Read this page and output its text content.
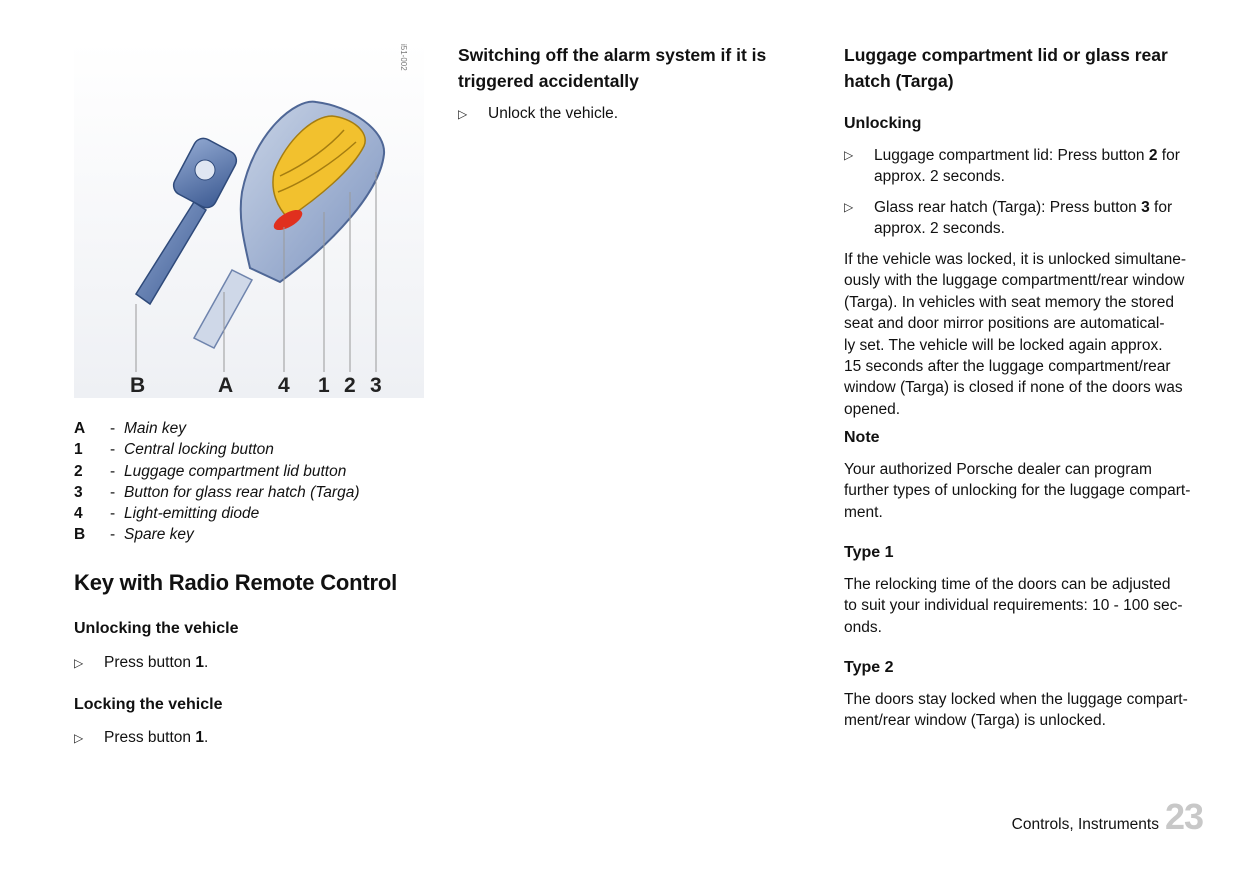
B	A 4 1 2 3
i51-002
A	- Main key
1	- Central locking button
2	- Luggage compartment lid button
3	- Button for glass rear hatch (Targa)
4	- Light-emitting diode
B	- Spare key
Key with Radio Remote Control
Unlocking the vehicle
▷ Press button 1.
Locking the vehicle
▷ Press button 1.
Switching off the alarm system if it is
triggered accidentally
▷ Unlock the vehicle.
Luggage compartment lid or glass rear
hatch (Targa)
Unlocking
▷ Luggage compartment lid: Press button 2 for
approx. 2 seconds.
▷ Glass rear hatch (Targa): Press button 3 for
approx. 2 seconds.

If the vehicle was locked, it is unlocked simultane-
ously with the luggage compartmentt/rear window
(Targa). In vehicles with seat memory the stored
seat and door mirror positions are automatical-
ly set. The vehicle will be locked again approx.
15 seconds after the luggage compartment/rear
window (Targa) is closed if none of the doors was
opened.

Note

Your authorized Porsche dealer can program
further types of unlocking for the luggage compart-
ment.

Type 1

The relocking time of the doors can be adjusted
to suit your individual requirements: 10 - 100 sec-
onds.

Type 2

The doors stay locked when the luggage compart-
ment/rear window (Targa) is unlocked.

Controls, Instruments 23
